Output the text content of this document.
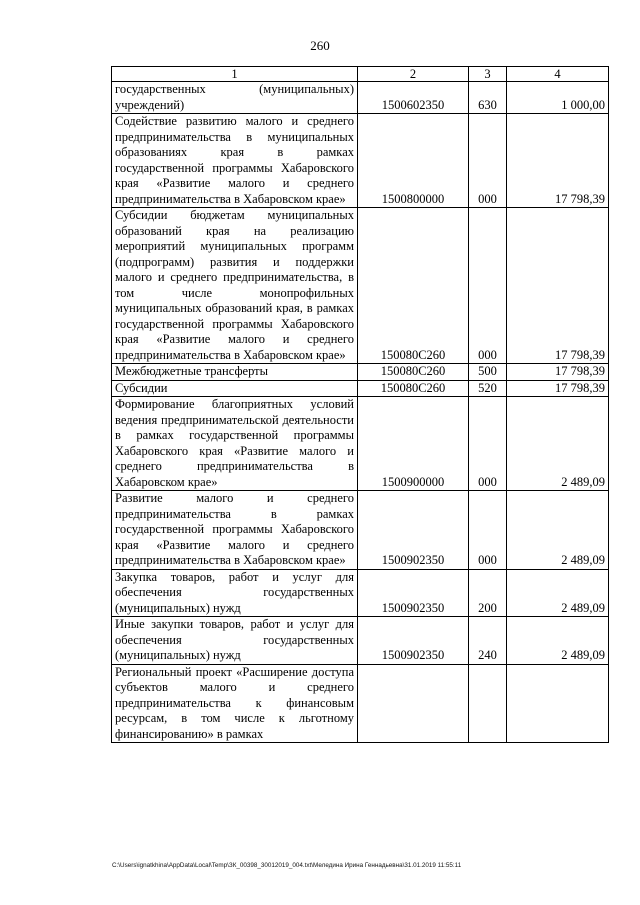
260
1	2	3	4
государственных (муниципальных) учреждений)	1500602350	630	1 000,00
Содействие развитию малого и среднего предпринимательства в муниципальных образованиях края в рамках государственной программы Хабаровского края «Развитие малого и среднего предпринимательства в Хабаровском крае»	1500800000	000	17 798,39
Субсидии бюджетам муниципальных образований края на реализацию мероприятий муниципальных программ (подпрограмм) развития и поддержки малого и среднего предпринимательства, в том числе монопрофильных муниципальных образований края, в рамках государственной программы Хабаровского края «Развитие малого и среднего предпринимательства в Хабаровском крае»	150080С260	000	17 798,39
Межбюджетные трансферты	150080С260	500	17 798,39
Субсидии	150080С260	520	17 798,39
Формирование благоприятных условий ведения предпринимательской деятельности в рамках государственной программы Хабаровского края «Развитие малого и среднего предпринимательства в Хабаровском крае»	1500900000	000	2 489,09
Развитие малого и среднего предпринимательства в рамках государственной программы Хабаровского края «Развитие малого и среднего предпринимательства в Хабаровском крае»	1500902350	000	2 489,09
Закупка товаров, работ и услуг для обеспечения государственных (муниципальных) нужд	1500902350	200	2 489,09
Иные закупки товаров, работ и услуг для обеспечения государственных (муниципальных) нужд	1500902350	240	2 489,09
Региональный проект «Расширение доступа субъектов малого и среднего предпринимательства к финансовым ресурсам, в том числе к льготному финансированию» в рамках			
C:\Users\ignatkhina\AppData\Local\Temp\ЗК_00398_30012019_004.txt\Меледина Ирина Геннадьевна\31.01.2019 11:55:11
